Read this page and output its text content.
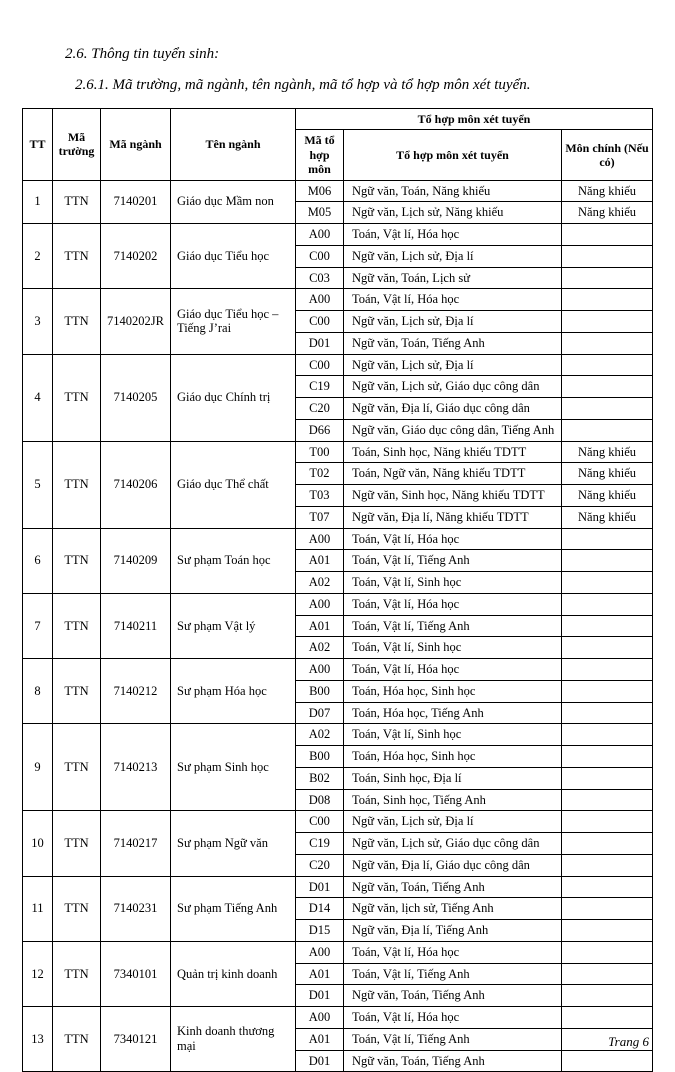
2.6. Thông tin tuyển sinh:
2.6.1. Mã trường, mã ngành, tên ngành, mã tổ hợp và tổ hợp môn xét tuyển.
TT	Mã trường	Mã ngành	Tên ngành	Tổ hợp môn xét tuyển		
				Mã tổ hợp môn	Tổ hợp môn xét tuyển	Môn chính (Nếu có)
1	TTN	7140201	Giáo dục Mầm non	M06	Ngữ văn, Toán, Năng khiếu	Năng khiếu
				M05	Ngữ văn, Lịch sử, Năng khiếu	Năng khiếu
2	TTN	7140202	Giáo dục Tiểu học	A00	Toán, Vật lí, Hóa học	
				C00	Ngữ văn, Lịch sử, Địa lí	
				C03	Ngữ văn, Toán, Lịch sử	
3	TTN	7140202JR	Giáo dục Tiểu học – Tiếng J’rai	A00	Toán, Vật lí, Hóa học	
				C00	Ngữ văn, Lịch sử, Địa lí	
				D01	Ngữ văn, Toán, Tiếng Anh	
4	TTN	7140205	Giáo dục Chính trị	C00	Ngữ văn, Lịch sử, Địa lí	
				C19	Ngữ văn, Lịch sử, Giáo dục công dân	
				C20	Ngữ văn, Địa lí, Giáo dục công dân	
				D66	Ngữ văn, Giáo dục công dân, Tiếng Anh	
5	TTN	7140206	Giáo dục Thể chất	T00	Toán, Sinh học, Năng khiếu TDTT	Năng khiếu
				T02	Toán, Ngữ văn, Năng khiếu TDTT	Năng khiếu
				T03	Ngữ văn, Sinh học, Năng khiếu TDTT	Năng khiếu
				T07	Ngữ văn, Địa lí, Năng khiếu TDTT	Năng khiếu
6	TTN	7140209	Sư phạm Toán học	A00	Toán, Vật lí, Hóa học	
				A01	Toán, Vật lí, Tiếng Anh	
				A02	Toán, Vật lí, Sinh học	
7	TTN	7140211	Sư phạm Vật lý	A00	Toán, Vật lí, Hóa học	
				A01	Toán, Vật lí, Tiếng Anh	
				A02	Toán, Vật lí, Sinh học	
8	TTN	7140212	Sư phạm Hóa học	A00	Toán, Vật lí, Hóa học	
				B00	Toán, Hóa học, Sinh học	
				D07	Toán, Hóa học, Tiếng Anh	
9	TTN	7140213	Sư phạm Sinh học	A02	Toán, Vật lí, Sinh học	
				B00	Toán, Hóa học, Sinh học	
				B02	Toán, Sinh học, Địa lí	
				D08	Toán, Sinh học, Tiếng Anh	
10	TTN	7140217	Sư phạm Ngữ văn	C00	Ngữ văn, Lịch sử, Địa lí	
				C19	Ngữ văn, Lịch sử, Giáo dục công dân	
				C20	Ngữ văn, Địa lí, Giáo dục công dân	
11	TTN	7140231	Sư phạm Tiếng Anh	D01	Ngữ văn, Toán, Tiếng Anh	
				D14	Ngữ văn, lịch sử, Tiếng Anh	
				D15	Ngữ văn, Địa lí, Tiếng Anh	
12	TTN	7340101	Quản trị kinh doanh	A00	Toán, Vật lí, Hóa học	
				A01	Toán, Vật lí, Tiếng Anh	
				D01	Ngữ văn, Toán, Tiếng Anh	
13	TTN	7340121	Kinh doanh thương mại	A00	Toán, Vật lí, Hóa học	
				A01	Toán, Vật lí, Tiếng Anh	
				D01	Ngữ văn, Toán, Tiếng Anh	
Trang 6
